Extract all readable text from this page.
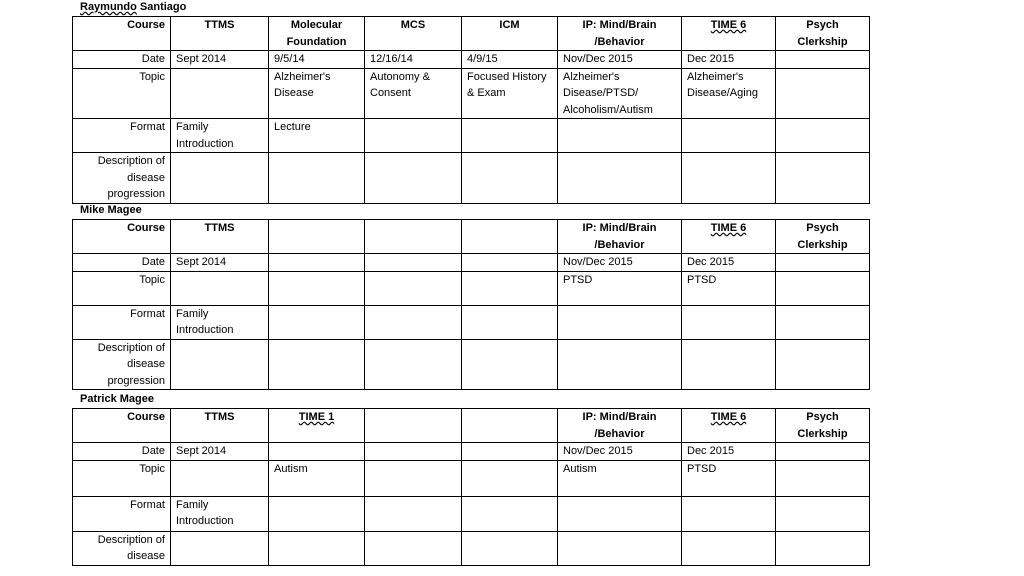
Raymundo Santiago
Course	TTMS	Molecular Foundation	MCS	ICM	IP: Mind/Brain /Behavior	TIME 6	Psych Clerkship
Date	Sept 2014	9/5/14	12/16/14	4/9/15	Nov/Dec 2015	Dec 2015	
Topic		Alzheimer's Disease	Autonomy & Consent	Focused History & Exam	Alzheimer's Disease/PTSD/ Alcoholism/Autism	Alzheimer's Disease/Aging	
Format	Family Introduction	Lecture					
Description of disease progression							
Mike Magee
Course	TTMS				IP: Mind/Brain /Behavior	TIME 6	Psych Clerkship
Date	Sept 2014				Nov/Dec 2015	Dec 2015	
Topic					PTSD	PTSD	
Format	Family Introduction						
Description of disease progression							
Patrick Magee
Course	TTMS	TIME 1			IP: Mind/Brain /Behavior	TIME 6	Psych Clerkship
Date	Sept 2014				Nov/Dec 2015	Dec 2015	
Topic		Autism			Autism	PTSD	
Format	Family Introduction						
Description of disease							
